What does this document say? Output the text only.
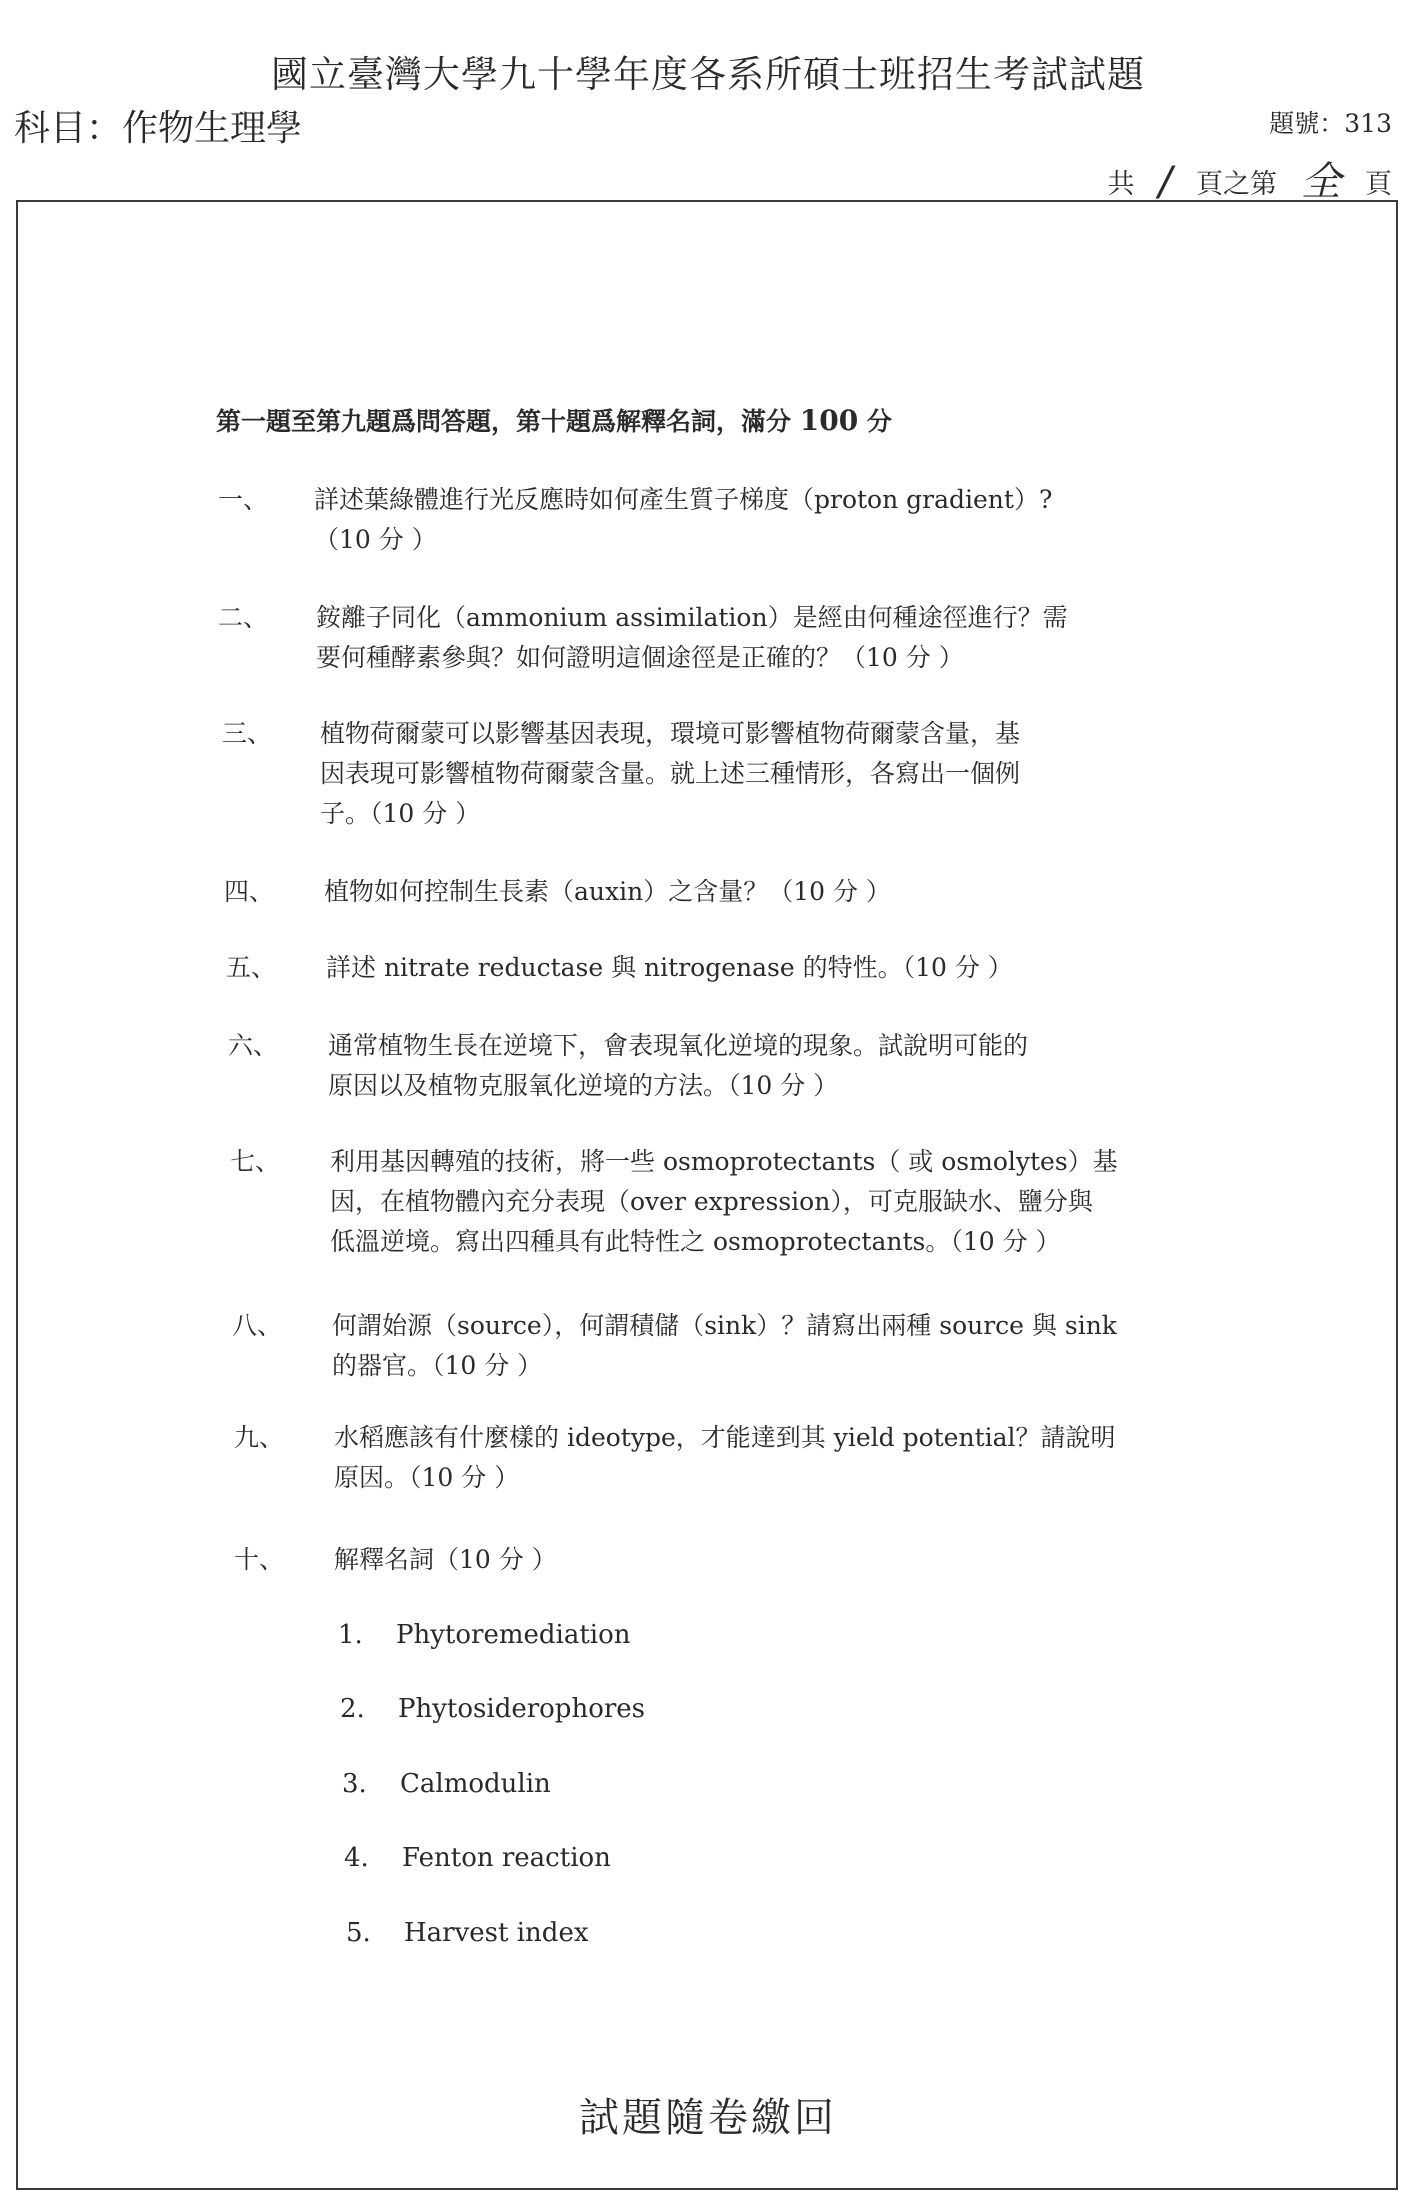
國立臺灣大學九十學年度各系所碩士班招生考試試題
科目：作物生理學	題號：313
共 / 頁之第 全 頁
第一題至第九題爲問答題，第十題爲解釋名詞，滿分 100 分
一、 詳述葉綠體進行光反應時如何產生質子梯度（proton gradient）?
（10 分 ）
二、 銨離子同化（ammonium assimilation）是經由何種途徑進行？需
要何種酵素參與？如何證明這個途徑是正確的？（10 分 ）
三、 植物荷爾蒙可以影響基因表現，環境可影響植物荷爾蒙含量，基
因表現可影響植物荷爾蒙含量。就上述三種情形，各寫出一個例
子。（10 分 ）
四、 植物如何控制生長素（auxin）之含量？（10 分 ）
五、 詳述 nitrate reductase 與 nitrogenase 的特性。（10 分 ）
六、 通常植物生長在逆境下，會表現氧化逆境的現象。試說明可能的
原因以及植物克服氧化逆境的方法。（10 分 ）
七、 利用基因轉殖的技術，將一些 osmoprotectants（ 或 osmolytes）基
因，在植物體內充分表現（over expression），可克服缺水、鹽分與
低溫逆境。寫出四種具有此特性之 osmoprotectants。（10 分 ）
八、 何謂始源（source），何謂積儲（sink）？請寫出兩種 source 與 sink
的器官。（10 分 ）
九、 水稻應該有什麼樣的 ideotype，才能達到其 yield potential？請說明
原因。（10 分 ）
十、 解釋名詞（10 分 ）
1. Phytoremediation
2. Phytosiderophores
3. Calmodulin
4. Fenton reaction
5. Harvest index
試題隨卷繳回
